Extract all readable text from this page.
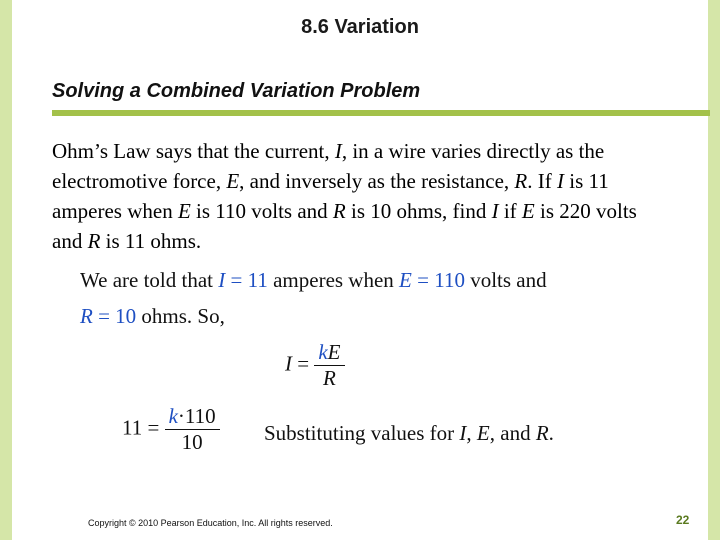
8.6 Variation
Solving a Combined Variation Problem

Ohm’s Law says that the current, I, in a wire varies directly as the electromotive force, E, and inversely as the resistance, R. If I is 11 amperes when E is 110 volts and R is 10 ohms, find I if E is 220 volts and R is 11 ohms.

We are told that I = 11 amperes when E = 110 volts and
R = 10 ohms. So,
$I = \frac{kE}{R}$
$11 = \frac{k\cdot 110}{10}$ Substituting values for I, E, and R.
Copyright © 2010 Pearson Education, Inc. All rights reserved.	22
